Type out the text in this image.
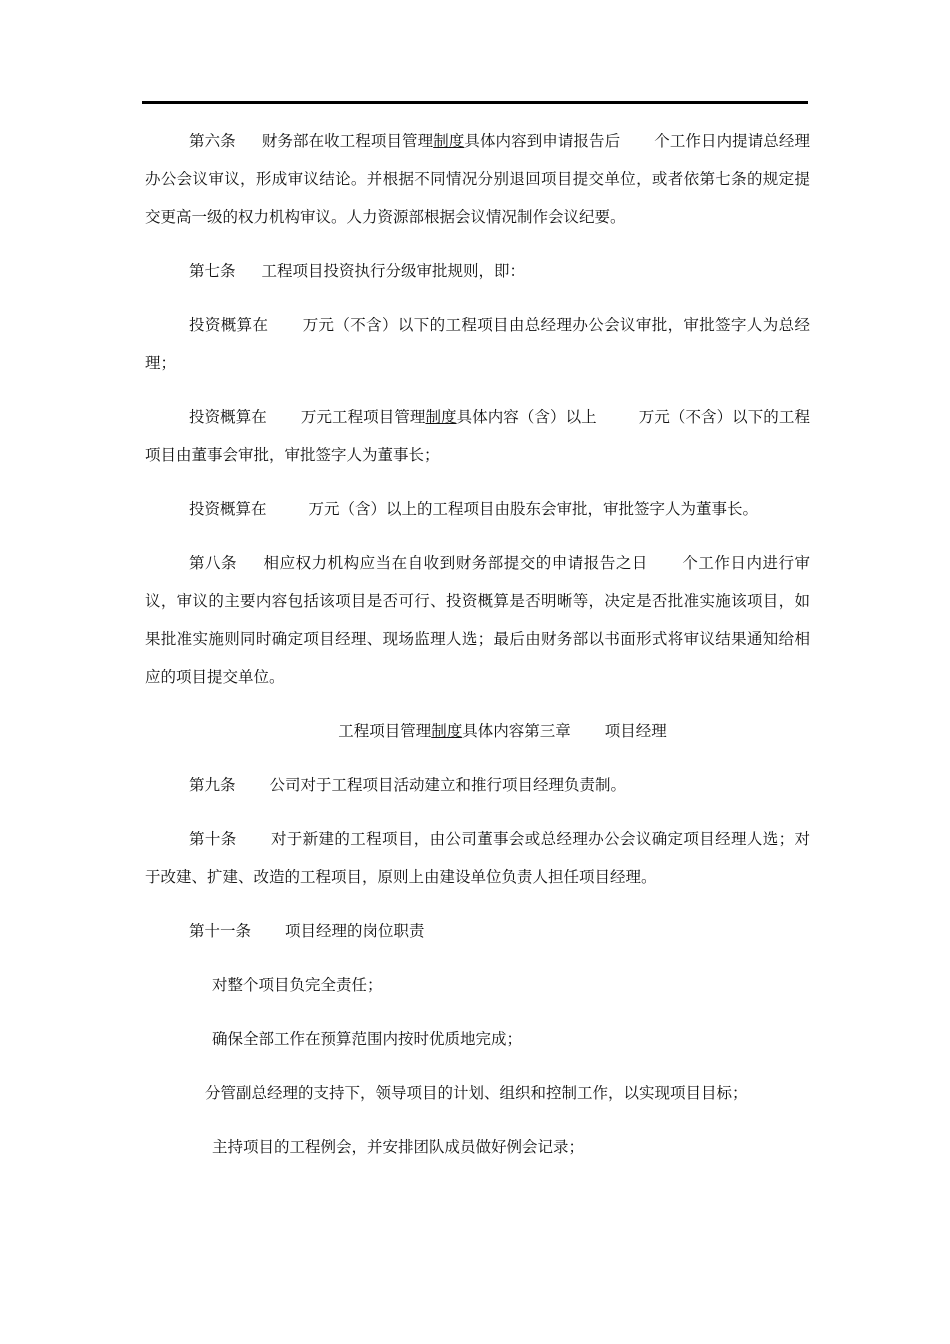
第六条 财务部在收工程项目管理制度具体内容到申请报告后 个工作日内提请总经理办公会议审议，形成审议结论。并根据不同情况分别退回项目提交单位，或者依第七条的规定提交更高一级的权力机构审议。人力资源部根据会议情况制作会议纪要。

第七条 工程项目投资执行分级审批规则，即：

投资概算在 万元（不含）以下的工程项目由总经理办公会议审批，审批签字人为总经理；

投资概算在 万元工程项目管理制度具体内容（含）以上	万元（不含）以下的工程项目由董事会审批，审批签字人为董事长；

投资概算在	万元（含）以上的工程项目由股东会审批，审批签字人为董事长。

第八条 相应权力机构应当在自收到财务部提交的申请报告之日 个工作日内进行审议，审议的主要内容包括该项目是否可行、投资概算是否明晰等，决定是否批准实施该项目，如果批准实施则同时确定项目经理、现场监理人选；最后由财务部以书面形式将审议结果通知给相应的项目提交单位。

工程项目管理制度具体内容第三章 项目经理

第九条 公司对于工程项目活动建立和推行项目经理负责制。

第十条 对于新建的工程项目，由公司董事会或总经理办公会议确定项目经理人选；对于改建、扩建、改造的工程项目，原则上由建设单位负责人担任项目经理。

第十一条 项目经理的岗位职责

对整个项目负完全责任；

确保全部工作在预算范围内按时优质地完成；

分管副总经理的支持下，领导项目的计划、组织和控制工作，以实现项目目标；

主持项目的工程例会，并安排团队成员做好例会记录；
